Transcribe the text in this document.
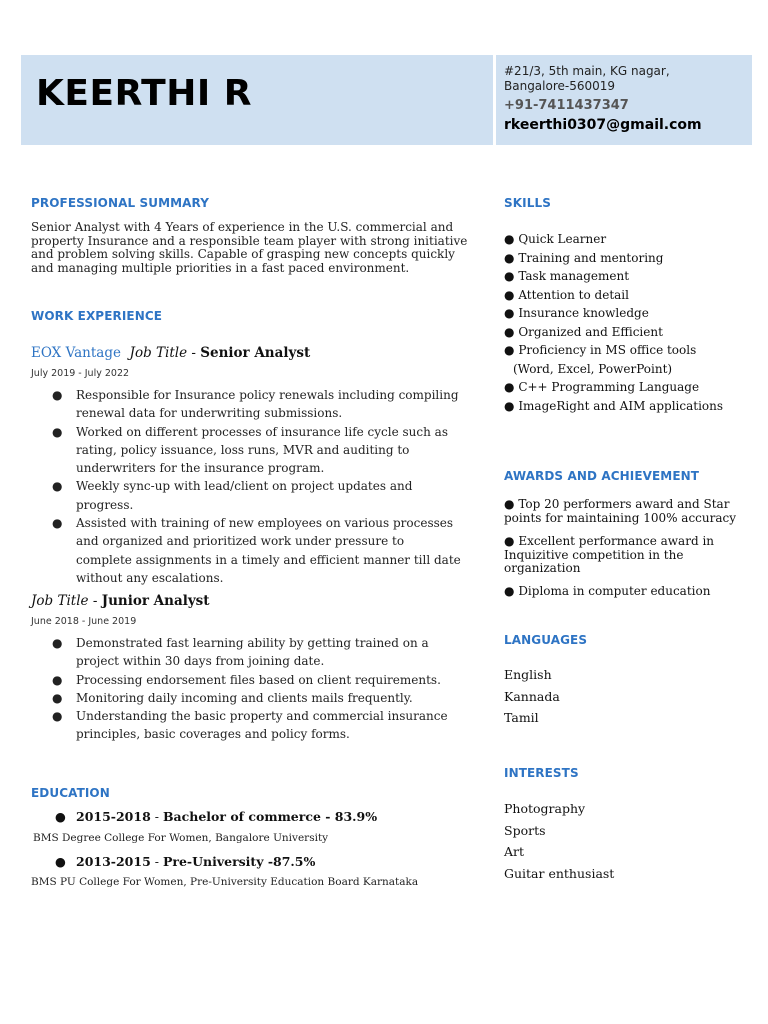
KEERTHI R
#21/3, 5th main, KG nagar,
Bangalore-560019
+91-7411437347
rkeerthi0307@gmail.com
PROFESSIONAL SUMMARY
Senior Analyst with 4 Years of experience in the U.S. commercial and property Insurance and a responsible team player with strong initiative and problem solving skills. Capable of grasping new concepts quickly and managing multiple priorities in a fast paced environment.
WORK EXPERIENCE
EOX Vantage Job Title - Senior Analyst
July 2019 - July 2022
● Responsible for Insurance policy renewals including compiling renewal data for underwriting submissions.
● Worked on different processes of insurance life cycle such as rating, policy issuance, loss runs, MVR and auditing to underwriters for the insurance program.
● Weekly sync-up with lead/client on project updates and progress.
● Assisted with training of new employees on various processes and organized and prioritized work under pressure to complete assignments in a timely and efficient manner till date without any escalations.
Job Title - Junior Analyst
June 2018 - June 2019
● Demonstrated fast learning ability by getting trained on a project within 30 days from joining date.
● Processing endorsement files based on client requirements.
● Monitoring daily incoming and clients mails frequently.
● Understanding the basic property and commercial insurance principles, basic coverages and policy forms.
EDUCATION
● 2015-2018 - Bachelor of commerce - 83.9%
BMS Degree College For Women, Bangalore University
● 2013-2015 - Pre-University -87.5%
BMS PU College For Women, Pre-University Education Board Karnataka
SKILLS
● Quick Learner
● Training and mentoring
● Task management
● Attention to detail
● Insurance knowledge
● Organized and Efficient
● Proficiency in MS office tools
(Word, Excel, PowerPoint)
● C++ Programming Language
● ImageRight and AIM applications
AWARDS AND ACHIEVEMENT
● Top 20 performers award and Star points for maintaining 100% accuracy
● Excellent performance award in Inquizitive competition in the organization
● Diploma in computer education
LANGUAGES
English
Kannada
Tamil
INTERESTS
Photography
Sports
Art
Guitar enthusiast
